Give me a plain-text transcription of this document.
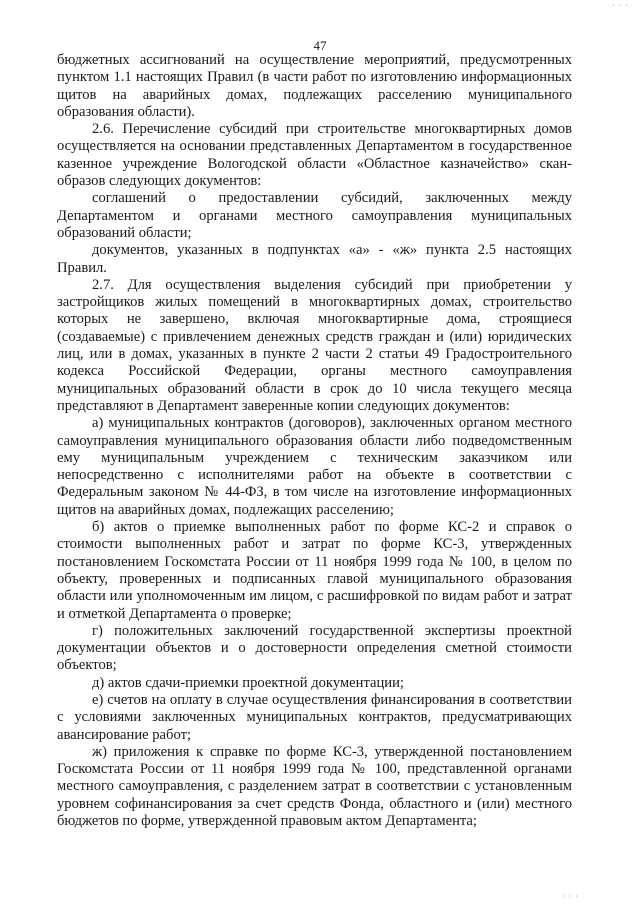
· · ·
47

бюджетных ассигнований на осуществление мероприятий, предусмотренных пунктом 1.1 настоящих Правил (в части работ по изготовлению информационных щитов на аварийных домах, подлежащих расселению муниципального образования области).

2.6. Перечисление субсидий при строительстве многоквартирных домов осуществляется на основании представленных Департаментом в государственное казенное учреждение Вологодской области «Областное казначейство» скан-образов следующих документов:

соглашений о предоставлении субсидий, заключенных между Департаментом и органами местного самоуправления муниципальных образований области;

документов, указанных в подпунктах «а» - «ж» пункта 2.5 настоящих Правил.

2.7. Для осуществления выделения субсидий при приобретении у застройщиков жилых помещений в многоквартирных домах, строительство которых не завершено, включая многоквартирные дома, строящиеся (создаваемые) с привлечением денежных средств граждан и (или) юридических лиц, или в домах, указанных в пункте 2 части 2 статьи 49 Градостроительного кодекса Российской Федерации, органы местного самоуправления муниципальных образований области в срок до 10 числа текущего месяца представляют в Департамент заверенные копии следующих документов:

а) муниципальных контрактов (договоров), заключенных органом местного самоуправления муниципального образования области либо подведомственным ему муниципальным учреждением с техническим заказчиком или непосредственно с исполнителями работ на объекте в соответствии с Федеральным законом № 44-ФЗ, в том числе на изготовление информационных щитов на аварийных домах, подлежащих расселению;

б) актов о приемке выполненных работ по форме КС-2 и справок о стоимости выполненных работ и затрат по форме КС-3, утвержденных постановлением Госкомстата России от 11 ноября 1999 года № 100, в целом по объекту, проверенных и подписанных главой муниципального образования области или уполномоченным им лицом, с расшифровкой по видам работ и затрат и отметкой Департамента о проверке;

г) положительных заключений государственной экспертизы проектной документации объектов и о достоверности определения сметной стоимости объектов;

д) актов сдачи-приемки проектной документации;

е) счетов на оплату в случае осуществления финансирования в соответствии с условиями заключенных муниципальных контрактов, предусматривающих авансирование работ;

ж) приложения к справке по форме КС-3, утвержденной постановлением Госкомстата России от 11 ноября 1999 года № 100, представленной органами местного самоуправления, с разделением затрат в соответствии с установленным уровнем софинансирования за счет средств Фонда, областного и (или) местного бюджетов по форме, утвержденной правовым актом Департамента;

· · ·
